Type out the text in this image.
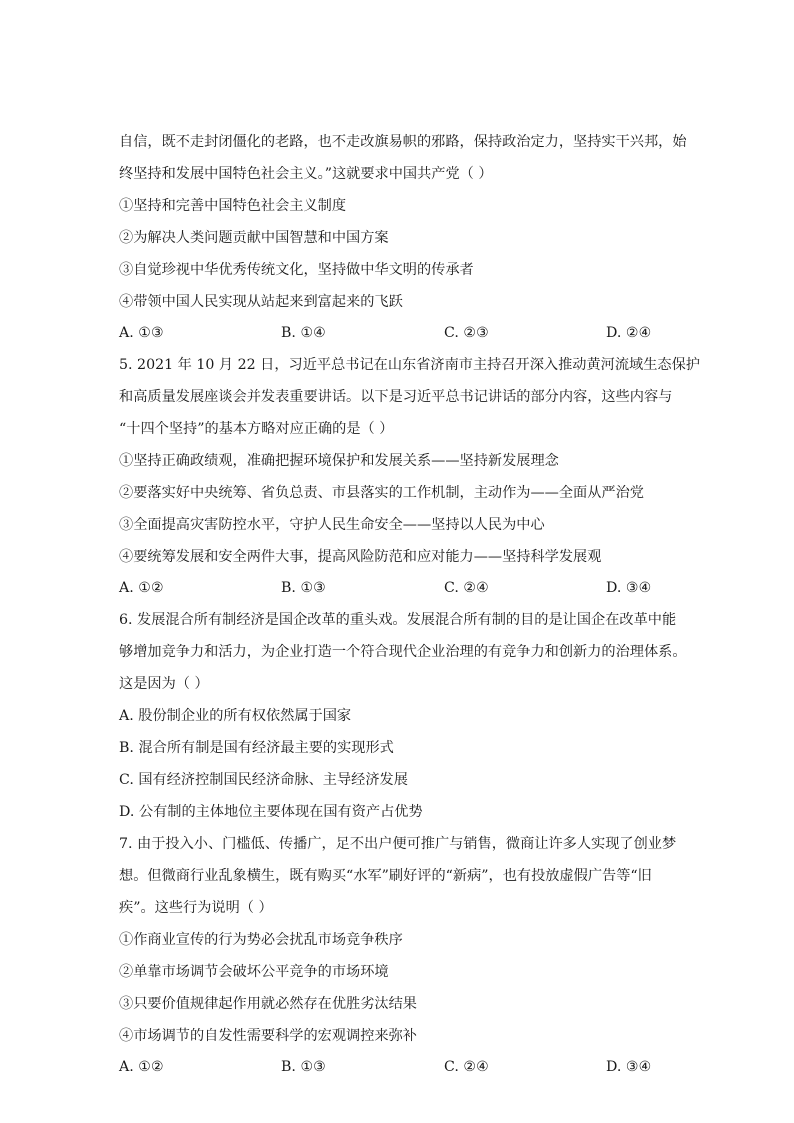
自信，既不走封闭僵化的老路，也不走改旗易帜的邪路，保持政治定力，坚持实干兴邦，始
终坚持和发展中国特色社会主义。”这就要求中国共产党（ ）
①坚持和完善中国特色社会主义制度
②为解决人类问题贡献中国智慧和中国方案
③自觉珍视中华优秀传统文化，坚持做中华文明的传承者
④带领中国人民实现从站起来到富起来的飞跃
A. ①③	B. ①④	C. ②③	D. ②④
5. 2021 年 10 月 22 日，习近平总书记在山东省济南市主持召开深入推动黄河流域生态保护
和高质量发展座谈会并发表重要讲话。以下是习近平总书记讲话的部分内容，这些内容与
“十四个坚持”的基本方略对应正确的是（ ）
①坚持正确政绩观，准确把握环境保护和发展关系——坚持新发展理念
②要落实好中央统筹、省负总责、市县落实的工作机制，主动作为——全面从严治党
③全面提高灾害防控水平，守护人民生命安全——坚持以人民为中心
④要统筹发展和安全两件大事，提高风险防范和应对能力——坚持科学发展观
A. ①②	B. ①③	C. ②④	D. ③④
6. 发展混合所有制经济是国企改革的重头戏。发展混合所有制的目的是让国企在改革中能
够增加竞争力和活力，为企业打造一个符合现代企业治理的有竞争力和创新力的治理体系。
这是因为（ ）
A. 股份制企业的所有权依然属于国家
B. 混合所有制是国有经济最主要的实现形式
C. 国有经济控制国民经济命脉、主导经济发展
D. 公有制的主体地位主要体现在国有资产占优势
7. 由于投入小、门槛低、传播广，足不出户便可推广与销售，微商让许多人实现了创业梦
想。但微商行业乱象横生，既有购买“水军”刷好评的“新病”，也有投放虚假广告等“旧
疾”。这些行为说明（ ）
①作商业宣传的行为势必会扰乱市场竞争秩序
②单靠市场调节会破坏公平竞争的市场环境
③只要价值规律起作用就必然存在优胜劣汰结果
④市场调节的自发性需要科学的宏观调控来弥补
A. ①②	B. ①③	C. ②④	D. ③④
